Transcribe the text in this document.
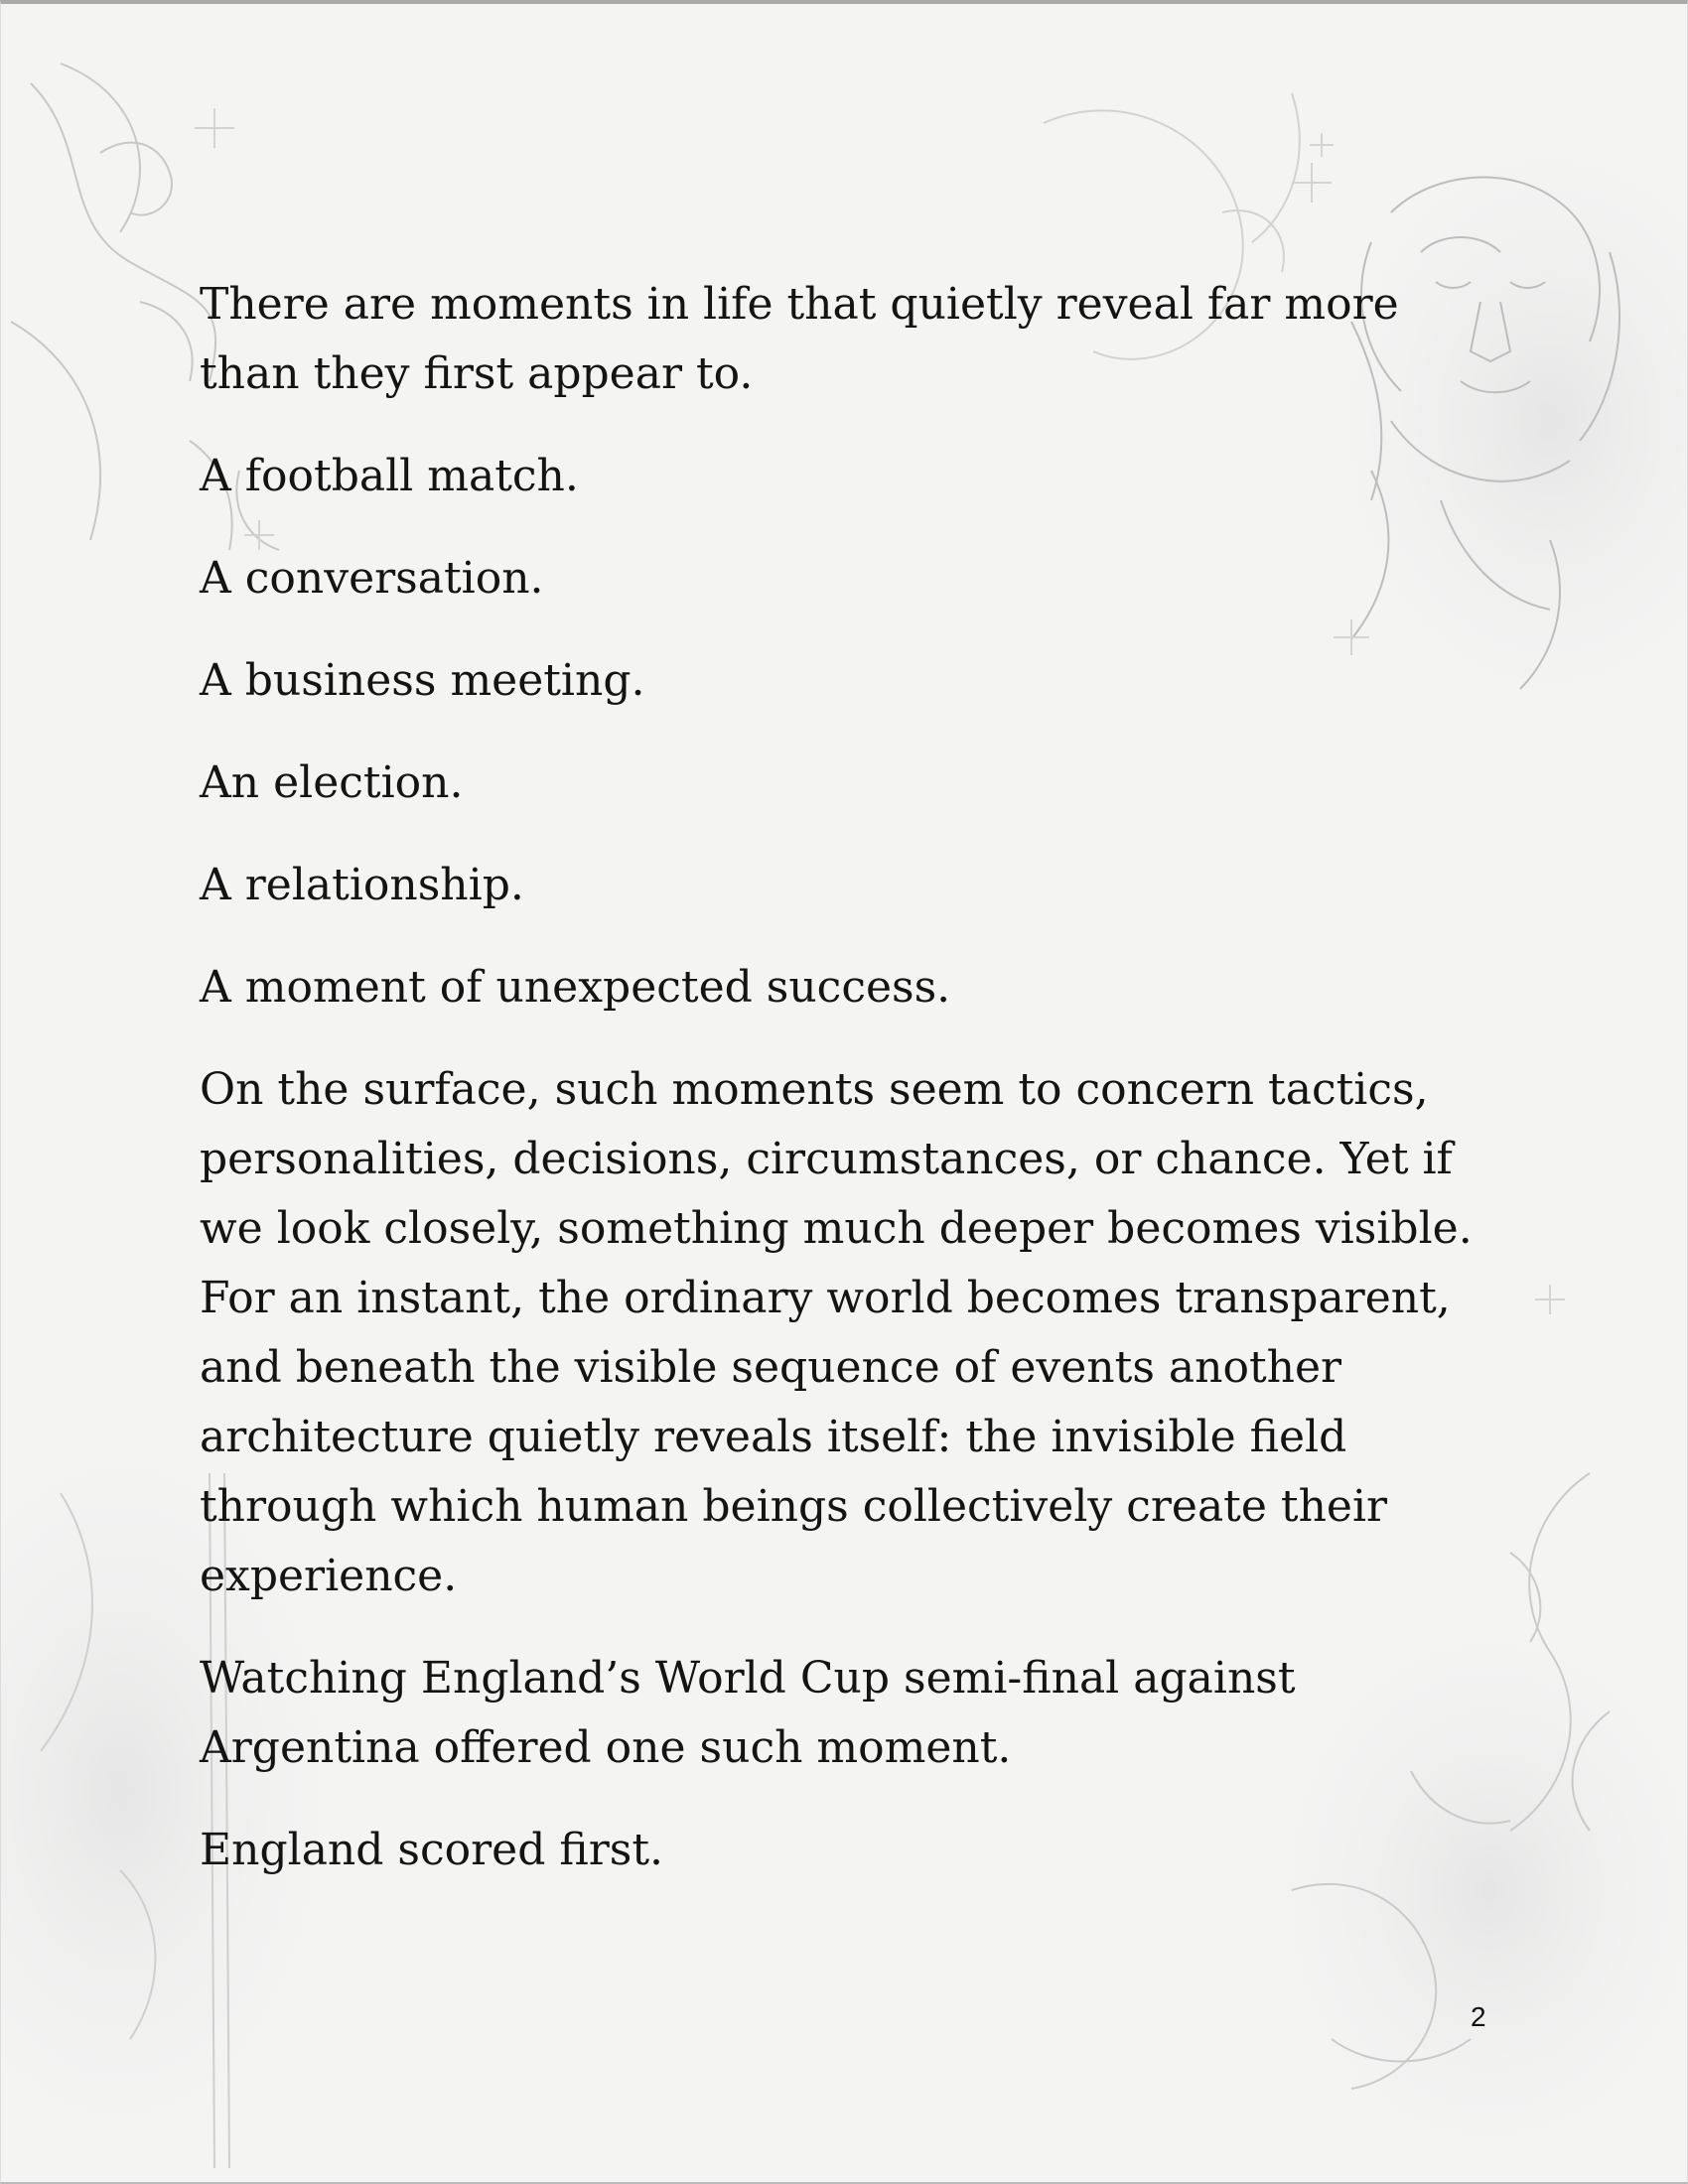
There are moments in life that quietly reveal far more than they first appear to.

A football match.

A conversation.

A business meeting.

An election.

A relationship.

A moment of unexpected success.

On the surface, such moments seem to concern tactics, personalities, decisions, circumstances, or chance. Yet if we look closely, something much deeper becomes visible. For an instant, the ordinary world becomes transparent, and beneath the visible sequence of events another architecture quietly reveals itself: the invisible field through which human beings collectively create their experience.

Watching England’s World Cup semi-final against Argentina offered one such moment.

England scored first.

2
